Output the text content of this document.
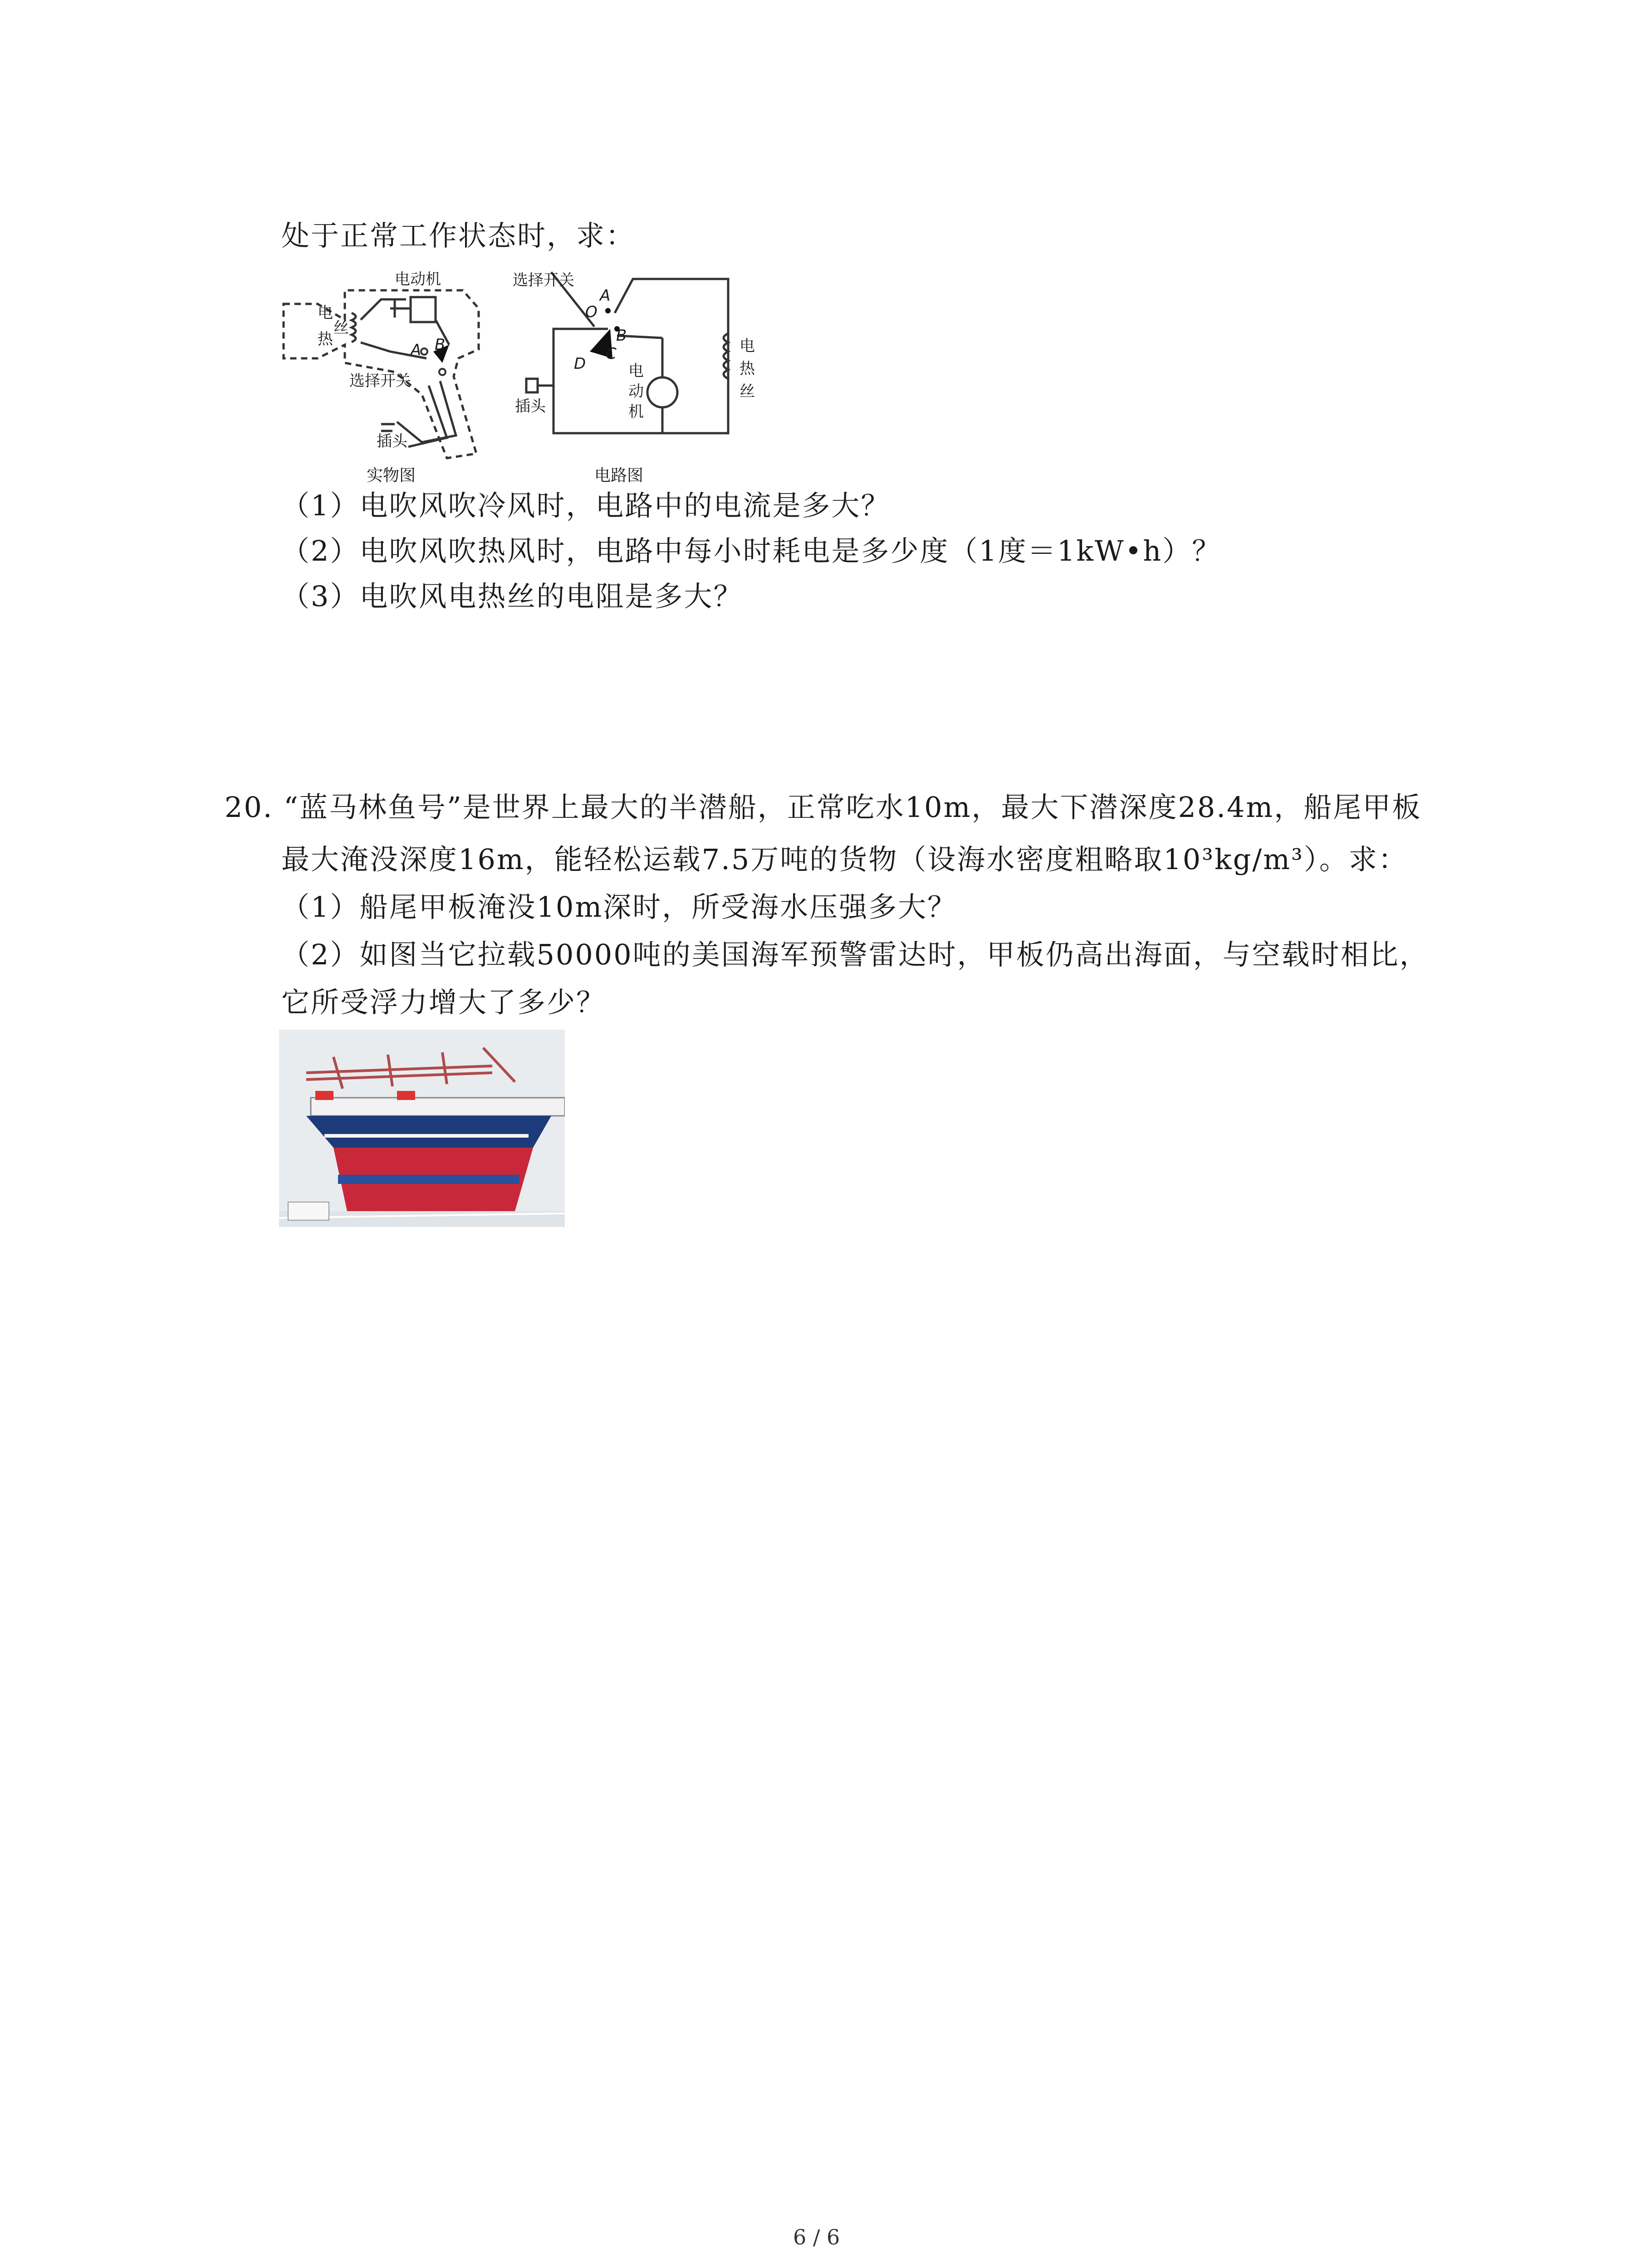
处于正常工作状态时，求：
电动机
电
丝
热
A B
选择开关
插头
实物图
选择开关
O
A
B
C
D	电
动
机
电
热
丝
插头
电路图
（1）电吹风吹冷风时，电路中的电流是多大？
（2）电吹风吹热风时，电路中每小时耗电是多少度（1度＝1kW•h）？
（3）电吹风电热丝的电阻是多大？
20. “蓝马林鱼号”是世界上最大的半潜船，正常吃水10m，最大下潜深度28.4m，船尾甲板
最大淹没深度16m，能轻松运载7.5万吨的货物（设海水密度粗略取10³kg/m³）。求：
（1）船尾甲板淹没10m深时，所受海水压强多大？
（2）如图当它拉载50000吨的美国海军预警雷达时，甲板仍高出海面，与空载时相比，
它所受浮力增大了多少？
6 / 6
